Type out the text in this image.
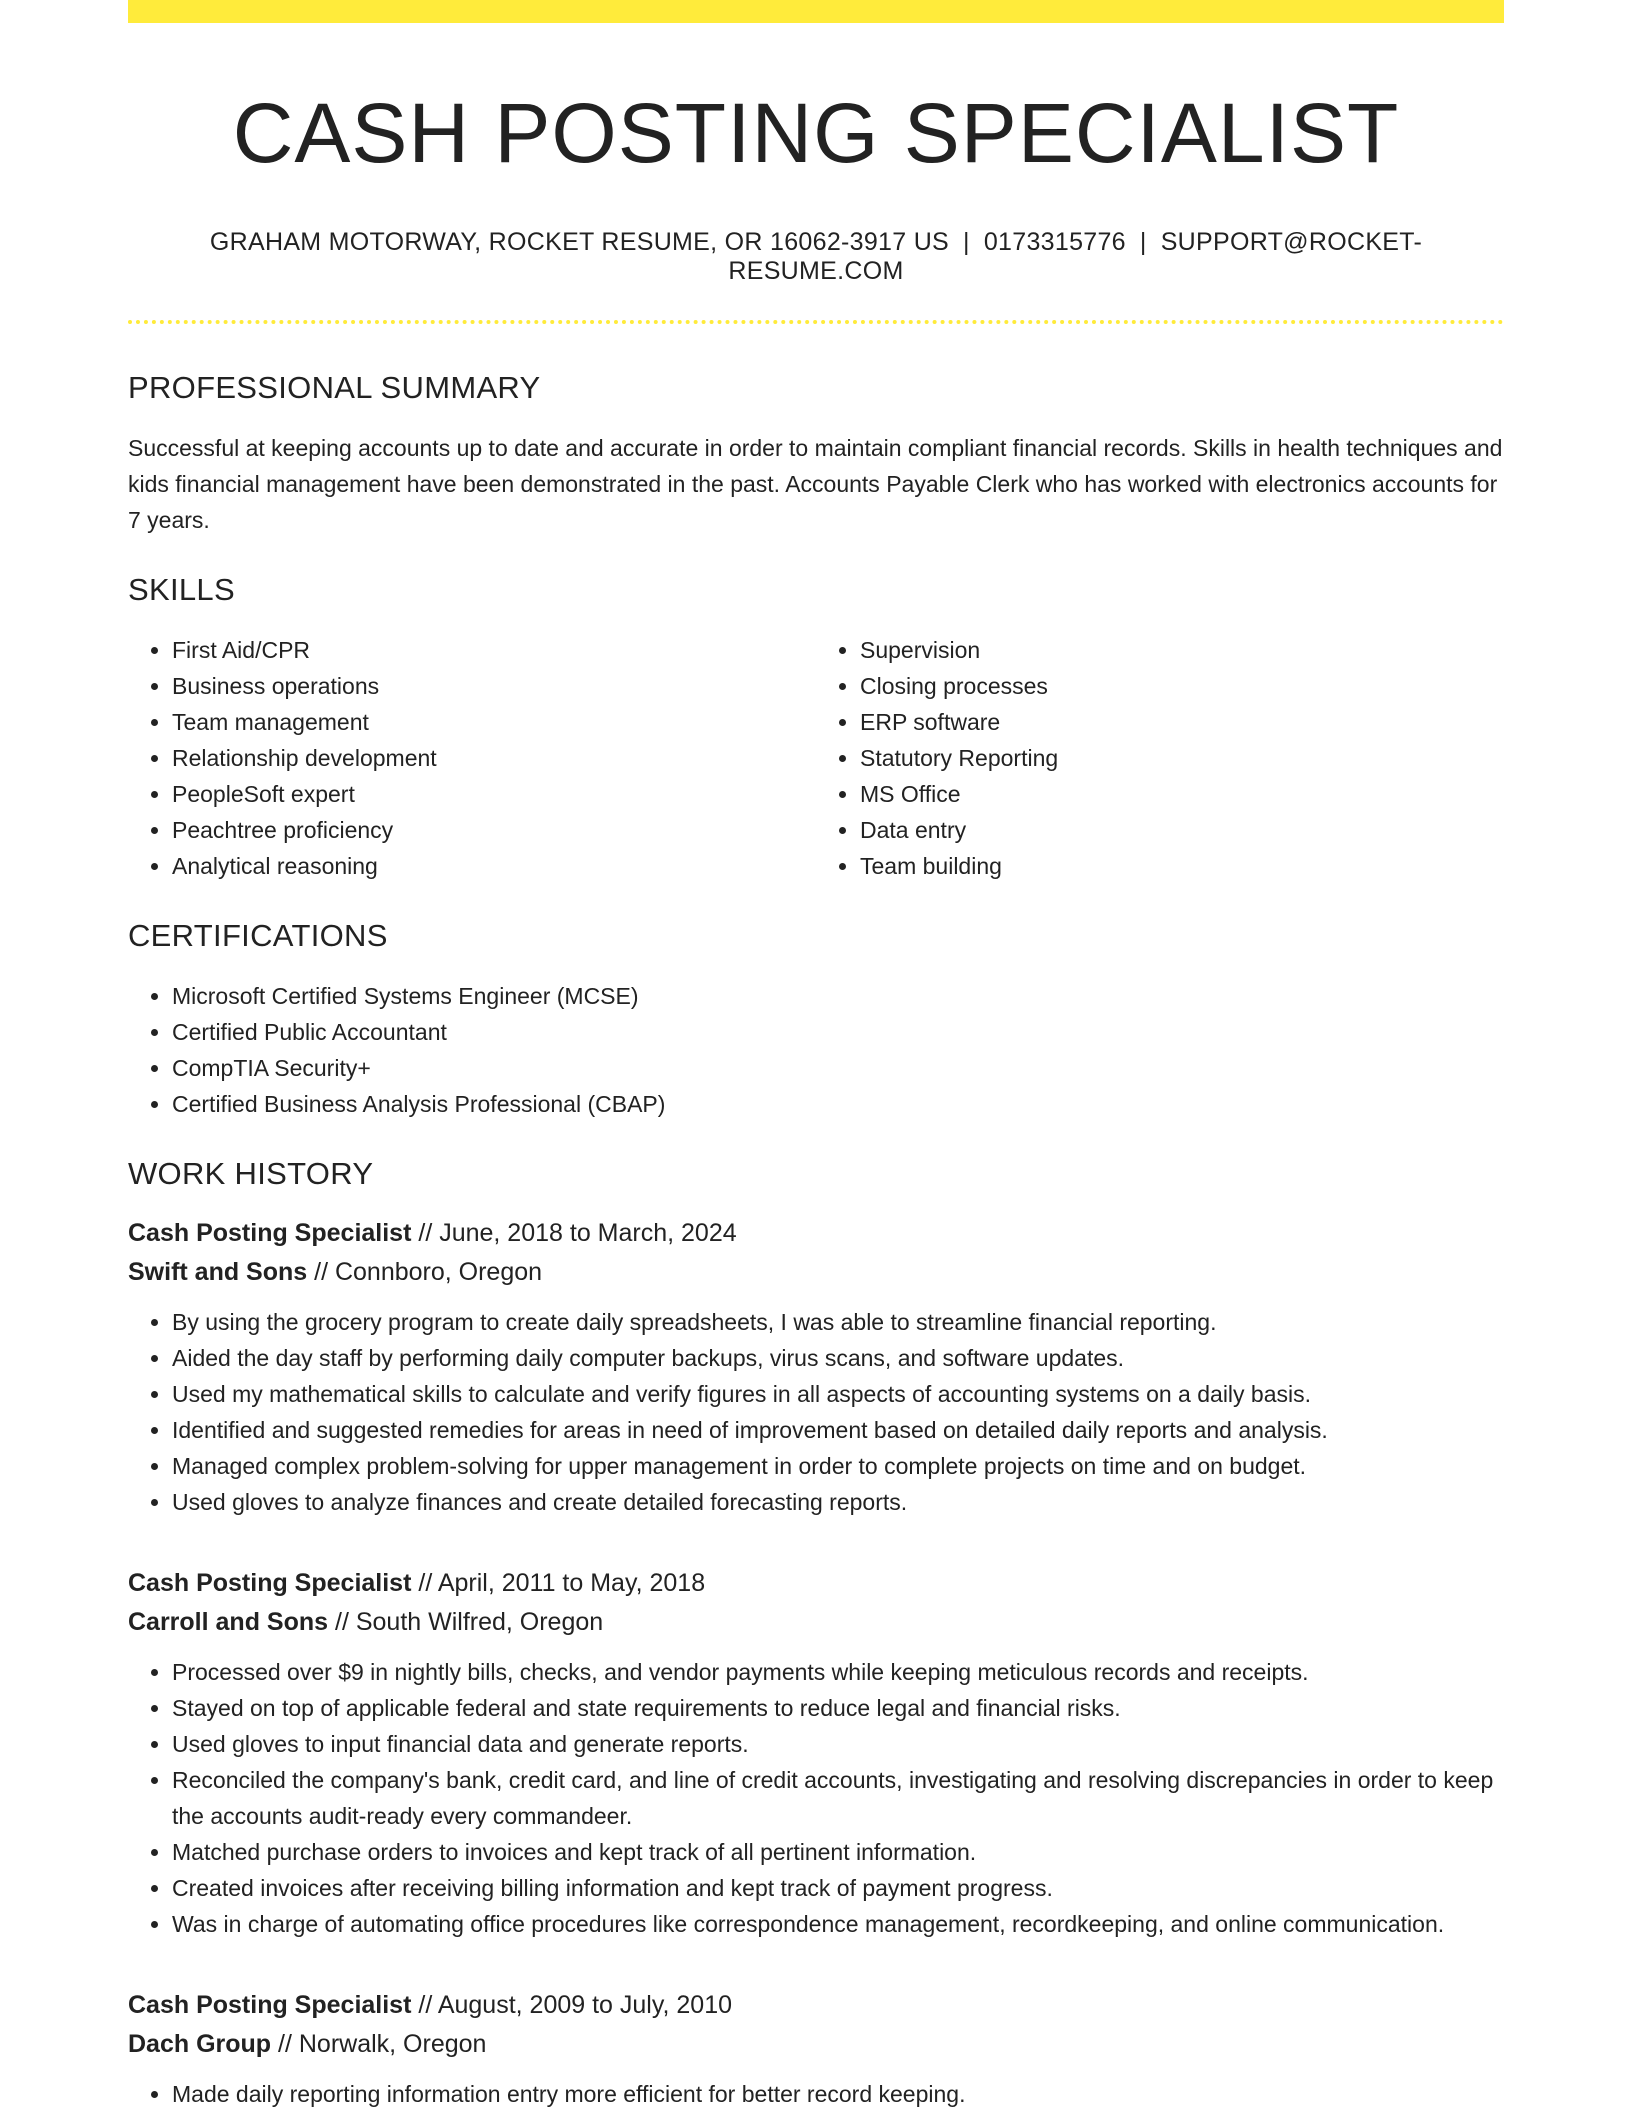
CASH POSTING SPECIALIST
GRAHAM MOTORWAY, ROCKET RESUME, OR 16062-3917 US | 0173315776 | SUPPORT@ROCKET-RESUME.COM
PROFESSIONAL SUMMARY

Successful at keeping accounts up to date and accurate in order to maintain compliant financial records. Skills in health techniques and kids financial management have been demonstrated in the past. Accounts Payable Clerk who has worked with electronics accounts for 7 years.

SKILLS
• First Aid/CPR
• Business operations
• Team management
• Relationship development
• PeopleSoft expert
• Peachtree proficiency
• Analytical reasoning
• Supervision
• Closing processes
• ERP software
• Statutory Reporting
• MS Office
• Data entry
• Team building
CERTIFICATIONS
• Microsoft Certified Systems Engineer (MCSE)
• Certified Public Accountant
• CompTIA Security+
• Certified Business Analysis Professional (CBAP)
WORK HISTORY
Cash Posting Specialist // June, 2018 to March, 2024
Swift and Sons // Connboro, Oregon
• By using the grocery program to create daily spreadsheets, I was able to streamline financial reporting.
• Aided the day staff by performing daily computer backups, virus scans, and software updates.
• Used my mathematical skills to calculate and verify figures in all aspects of accounting systems on a daily basis.
• Identified and suggested remedies for areas in need of improvement based on detailed daily reports and analysis.
• Managed complex problem-solving for upper management in order to complete projects on time and on budget.
• Used gloves to analyze finances and create detailed forecasting reports.
Cash Posting Specialist // April, 2011 to May, 2018
Carroll and Sons // South Wilfred, Oregon
• Processed over $9 in nightly bills, checks, and vendor payments while keeping meticulous records and receipts.
• Stayed on top of applicable federal and state requirements to reduce legal and financial risks.
• Used gloves to input financial data and generate reports.
• Reconciled the company's bank, credit card, and line of credit accounts, investigating and resolving discrepancies in order to keep the accounts audit-ready every commandeer.
• Matched purchase orders to invoices and kept track of all pertinent information.
• Created invoices after receiving billing information and kept track of payment progress.
• Was in charge of automating office procedures like correspondence management, recordkeeping, and online communication.
Cash Posting Specialist // August, 2009 to July, 2010
Dach Group // Norwalk, Oregon
• Made daily reporting information entry more efficient for better record keeping.
